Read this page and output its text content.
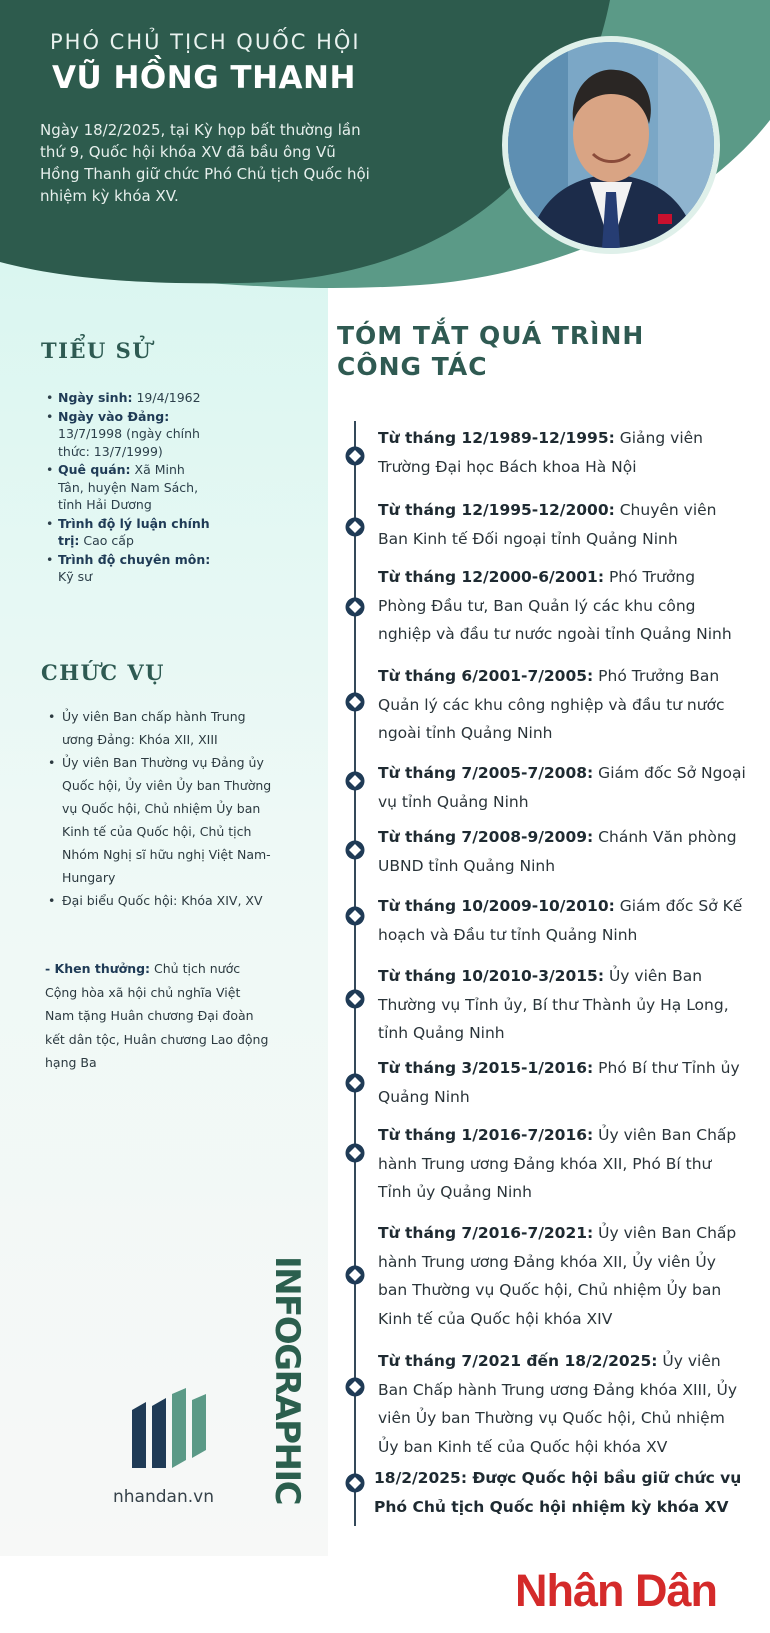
PHÓ CHỦ TỊCH QUỐC HỘI
VŨ HỒNG THANH
Ngày 18/2/2025, tại Kỳ họp bất thường lần thứ 9, Quốc hội khóa XV đã bầu ông Vũ Hồng Thanh giữ chức Phó Chủ tịch Quốc hội nhiệm kỳ khóa XV.
TIỂU SỬ
• Ngày sinh: 19/4/1962
• Ngày vào Đảng: 13/7/1998 (ngày chính thức: 13/7/1999)
• Quê quán: Xã Minh Tân, huyện Nam Sách, tỉnh Hải Dương
• Trình độ lý luận chính trị: Cao cấp
• Trình độ chuyên môn: Kỹ sư
CHỨC VỤ
• Ủy viên Ban chấp hành Trung ương Đảng: Khóa XII, XIII
• Ủy viên Ban Thường vụ Đảng ủy Quốc hội, Ủy viên Ủy ban Thường vụ Quốc hội, Chủ nhiệm Ủy ban Kinh tế của Quốc hội, Chủ tịch Nhóm Nghị sĩ hữu nghị Việt Nam-Hungary
• Đại biểu Quốc hội: Khóa XIV, XV
- Khen thưởng: Chủ tịch nước Cộng hòa xã hội chủ nghĩa Việt Nam tặng Huân chương Đại đoàn kết dân tộc, Huân chương Lao động hạng Ba
nhandan.vn INFOGRAPHIC
TÓM TẮT QUÁ TRÌNH CÔNG TÁC
Từ tháng 12/1989-12/1995: Giảng viên Trường Đại học Bách khoa Hà Nội
Từ tháng 12/1995-12/2000: Chuyên viên Ban Kinh tế Đối ngoại tỉnh Quảng Ninh
Từ tháng 12/2000-6/2001: Phó Trưởng Phòng Đầu tư, Ban Quản lý các khu công nghiệp và đầu tư nước ngoài tỉnh Quảng Ninh
Từ tháng 6/2001-7/2005: Phó Trưởng Ban Quản lý các khu công nghiệp và đầu tư nước ngoài tỉnh Quảng Ninh
Từ tháng 7/2005-7/2008: Giám đốc Sở Ngoại vụ tỉnh Quảng Ninh
Từ tháng 7/2008-9/2009: Chánh Văn phòng UBND tỉnh Quảng Ninh
Từ tháng 10/2009-10/2010: Giám đốc Sở Kế hoạch và Đầu tư tỉnh Quảng Ninh
Từ tháng 10/2010-3/2015: Ủy viên Ban Thường vụ Tỉnh ủy, Bí thư Thành ủy Hạ Long, tỉnh Quảng Ninh
Từ tháng 3/2015-1/2016: Phó Bí thư Tỉnh ủy Quảng Ninh
Từ tháng 1/2016-7/2016: Ủy viên Ban Chấp hành Trung ương Đảng khóa XII, Phó Bí thư Tỉnh ủy Quảng Ninh
Từ tháng 7/2016-7/2021: Ủy viên Ban Chấp hành Trung ương Đảng khóa XII, Ủy viên Ủy ban Thường vụ Quốc hội, Chủ nhiệm Ủy ban Kinh tế của Quốc hội khóa XIV
Từ tháng 7/2021 đến 18/2/2025: Ủy viên Ban Chấp hành Trung ương Đảng khóa XIII, Ủy viên Ủy ban Thường vụ Quốc hội, Chủ nhiệm Ủy ban Kinh tế của Quốc hội khóa XV
18/2/2025: Được Quốc hội bầu giữ chức vụ Phó Chủ tịch Quốc hội nhiệm kỳ khóa XV
Nhân Dân
